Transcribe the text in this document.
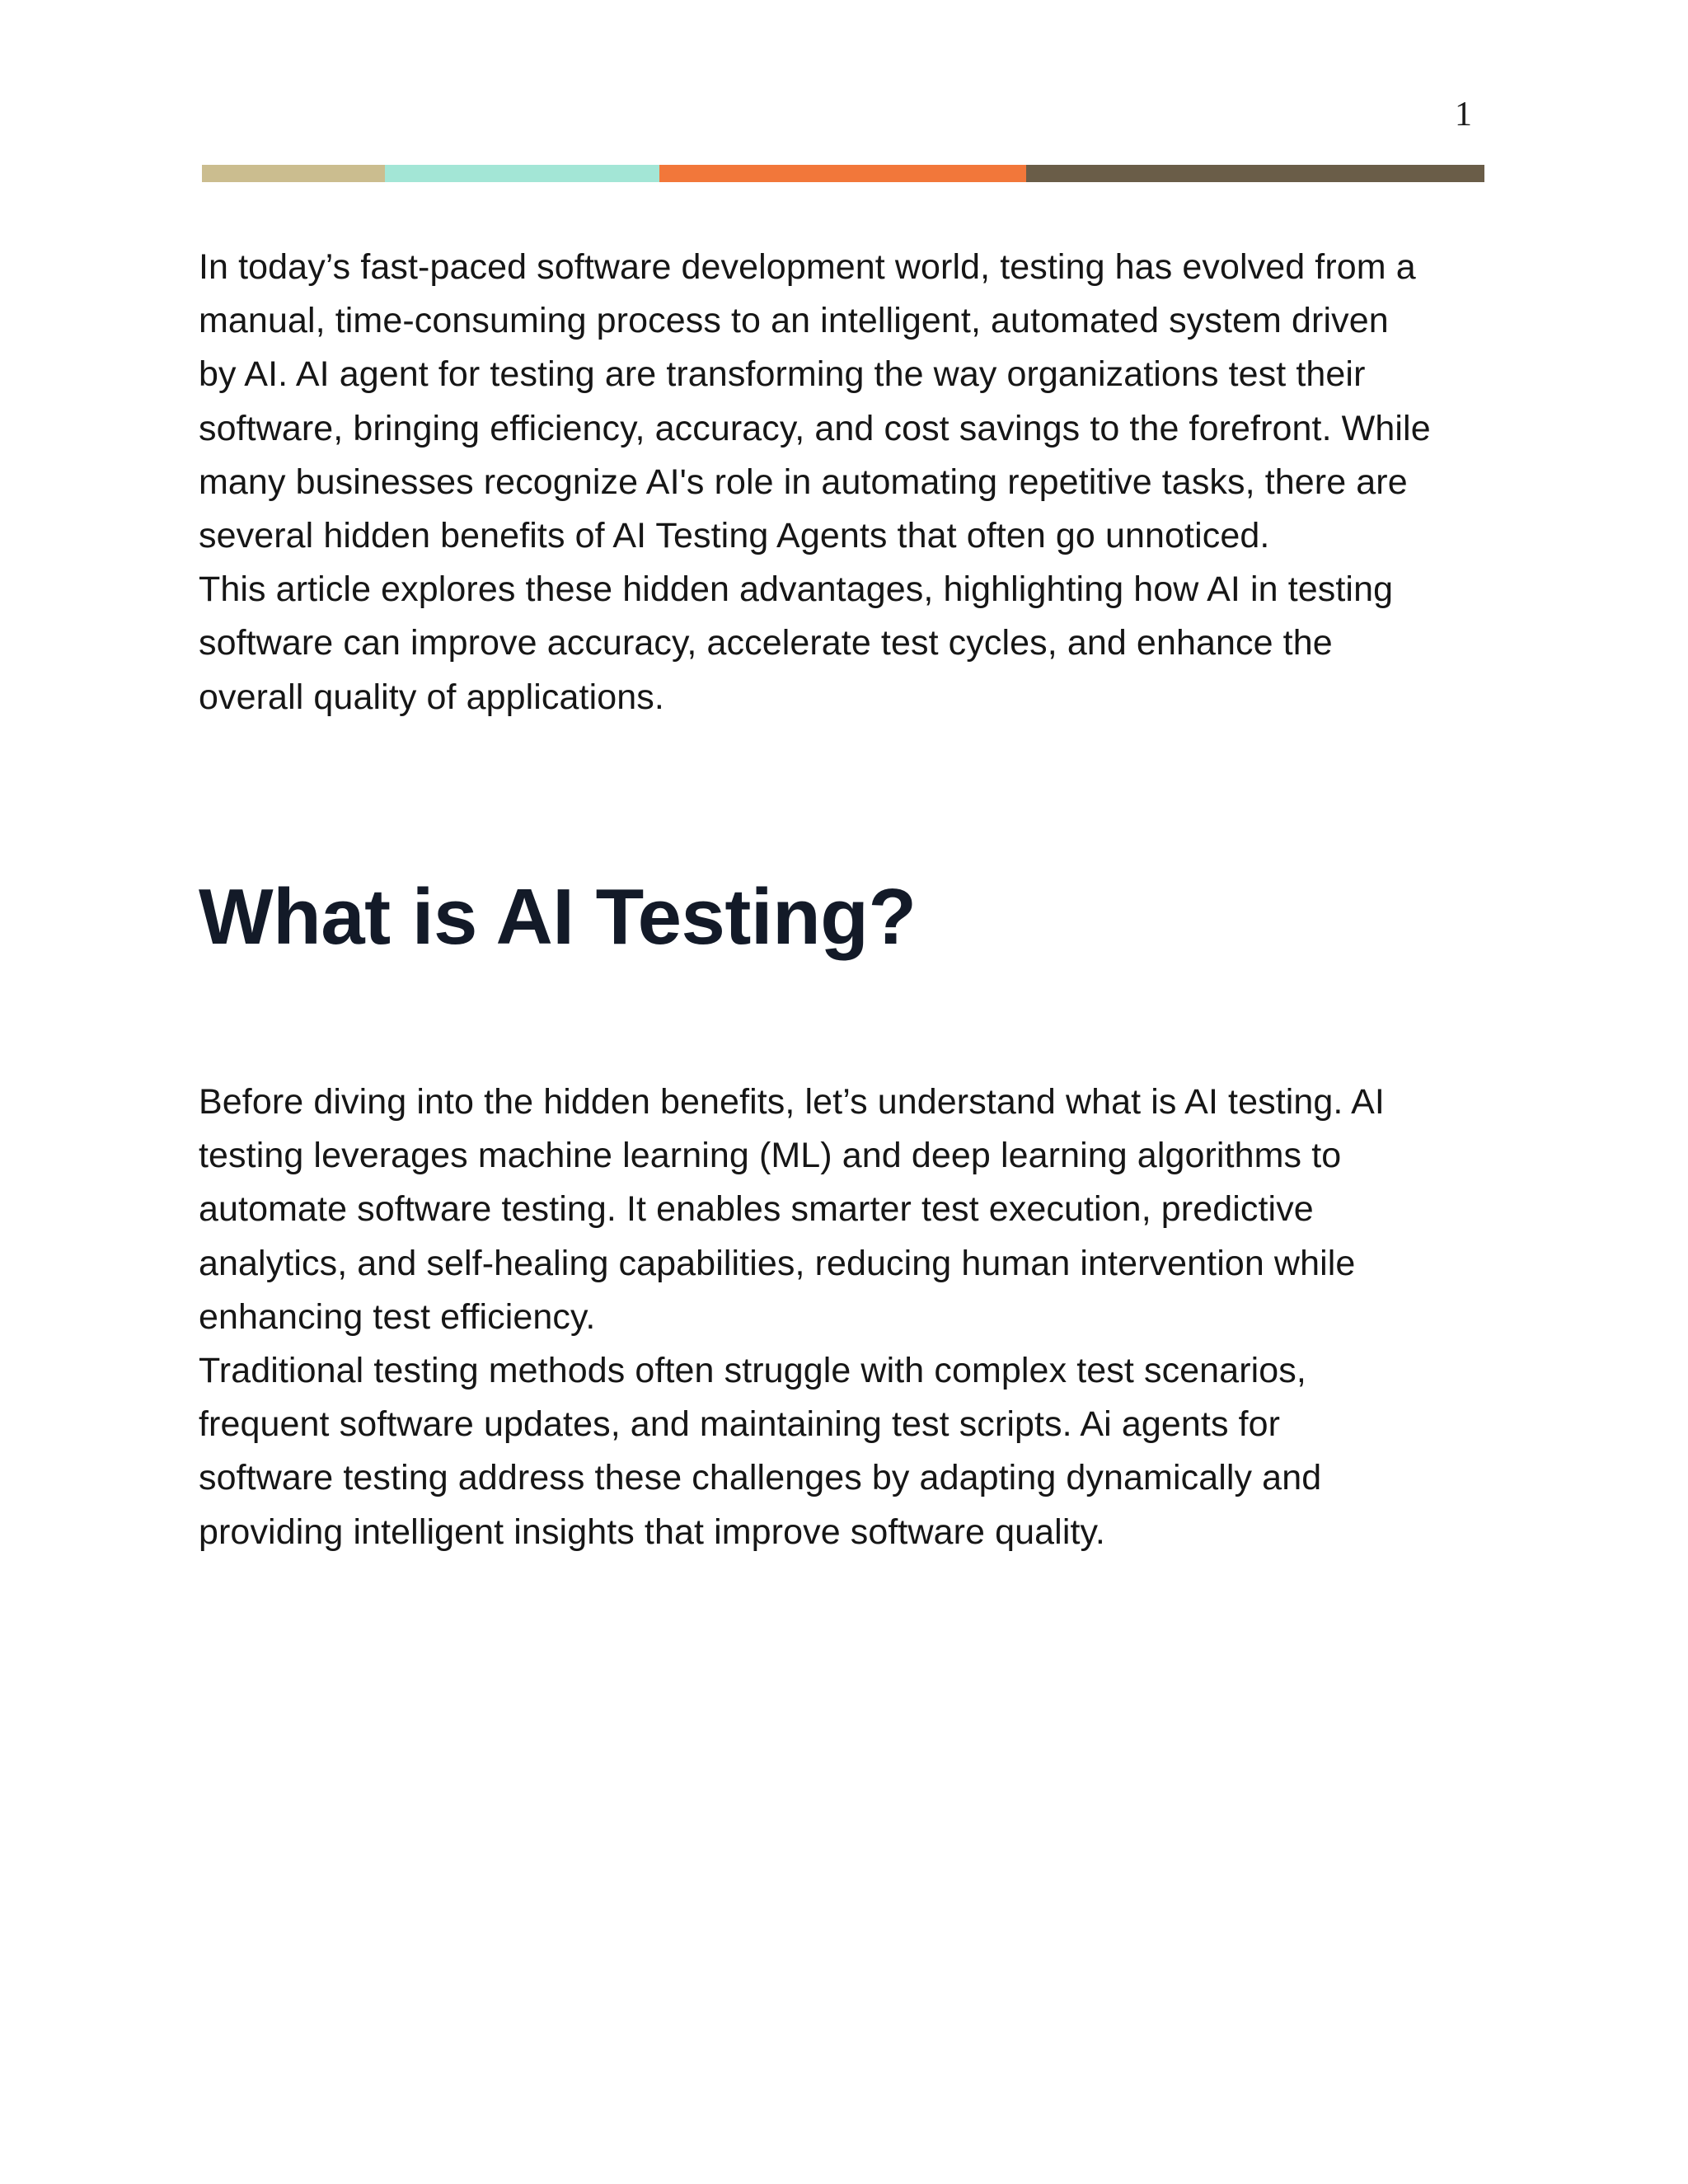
1

In today’s fast-paced software development world, testing has evolved from a
manual, time-consuming process to an intelligent, automated system driven
by AI. AI agent for testing are transforming the way organizations test their
software, bringing efficiency, accuracy, and cost savings to the forefront. While
many businesses recognize AI's role in automating repetitive tasks, there are
several hidden benefits of AI Testing Agents that often go unnoticed.

This article explores these hidden advantages, highlighting how AI in testing
software can improve accuracy, accelerate test cycles, and enhance the
overall quality of applications.

What is AI Testing?

Before diving into the hidden benefits, let’s understand what is AI testing. AI
testing leverages machine learning (ML) and deep learning algorithms to
automate software testing. It enables smarter test execution, predictive
analytics, and self-healing capabilities, reducing human intervention while
enhancing test efficiency.

Traditional testing methods often struggle with complex test scenarios,
frequent software updates, and maintaining test scripts. Ai agents for
software testing address these challenges by adapting dynamically and
providing intelligent insights that improve software quality.
